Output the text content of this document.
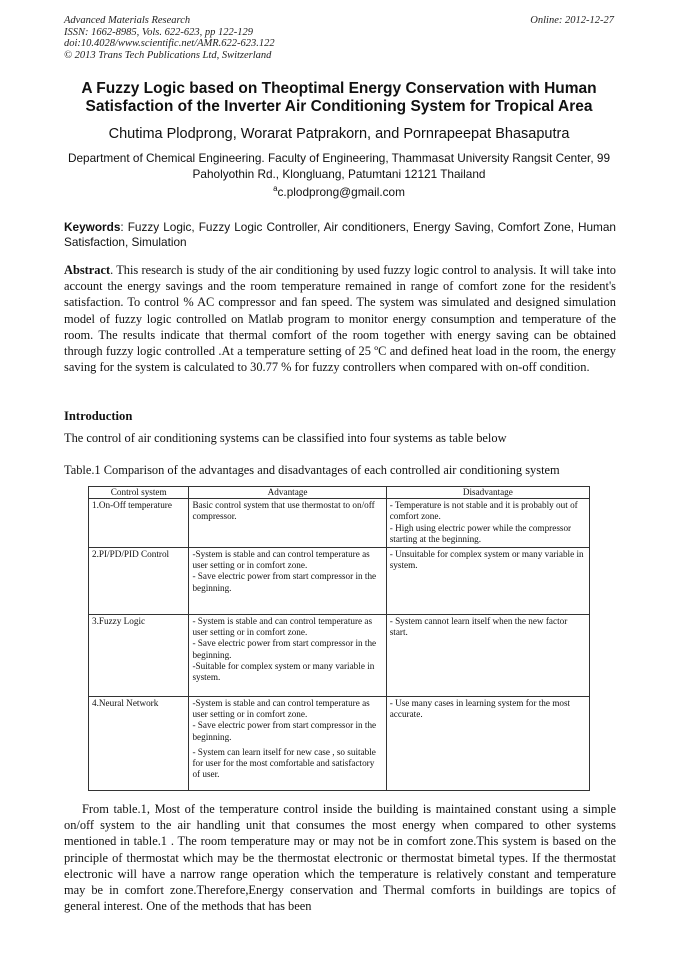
Advanced Materials Research
ISSN: 1662-8985, Vols. 622-623, pp 122-129
doi:10.4028/www.scientific.net/AMR.622-623.122
© 2013 Trans Tech Publications Ltd, Switzerland
Online: 2012-12-27
A Fuzzy Logic based on Theoptimal Energy Conservation with Human Satisfaction of the Inverter Air Conditioning System for Tropical Area
Chutima Plodprong, Worarat Patprakorn, and Pornrapeepat Bhasaputra
Department of Chemical Engineering. Faculty of Engineering, Thammasat University Rangsit Center, 99 Paholyothin Rd., Klongluang, Patumtani 12121 Thailand
$^a$c.plodprong@gmail.com
Keywords: Fuzzy Logic, Fuzzy Logic Controller, Air conditioners, Energy Saving, Comfort Zone, Human Satisfaction, Simulation
Abstract. This research is study of the air conditioning by used fuzzy logic control to analysis. It will take into account the energy savings and the room temperature remained in range of comfort zone for the resident's satisfaction. To control % AC compressor and fan speed. The system was simulated and designed simulation model of fuzzy logic controlled on Matlab program to monitor energy consumption and temperature of the room. The results indicate that thermal comfort of the room together with energy saving can be obtained through fuzzy logic controlled .At a temperature setting of 25 ºC and defined heat load in the room, the energy saving for the system is calculated to 30.77 % for fuzzy controllers when compared with on-off condition.
Introduction
The control of air conditioning systems can be classified into four systems as table below
Table.1 Comparison of the advantages and disadvantages of each controlled air conditioning system
Control system	Advantage	Disadvantage
1.On-Off temperature	Basic control system that use thermostat to on/off compressor.	- Temperature is not stable and it is probably out of comfort zone.
- High using electric power while the compressor starting at the beginning.

2.PI/PD/PID Control	-System is stable and can control temperature as user setting or in comfort zone.
- Save electric power from start compressor in the beginning.	- Unsuitable for complex system or many variable in system.

3.Fuzzy Logic	- System is stable and can control temperature as user setting or in comfort zone.
- Save electric power from start compressor in the beginning.
-Suitable for complex system or many variable in system.	- System cannot learn itself when the new factor start.

4.Neural Network	-System is stable and can control temperature as user setting or in comfort zone.
- Save electric power from start compressor in the beginning.
- System can learn itself for new case , so suitable for user for the most comfortable and satisfactory of user.	- Use many cases in learning system for the most accurate.
From table.1, Most of the temperature control inside the building is maintained constant using a simple on/off system to the air handling unit that consumes the most energy when compared to other systems mentioned in table.1 . The room temperature may or may not be in comfort zone.This system is based on the principle of thermostat which may be the thermostat electronic or thermostat bimetal types. If the thermostat electronic will have a narrow range operation which the temperature is relatively constant and temperature may be in comfort zone.Therefore,Energy conservation and Thermal comforts in buildings are topics of general interest. One of the methods that has been
